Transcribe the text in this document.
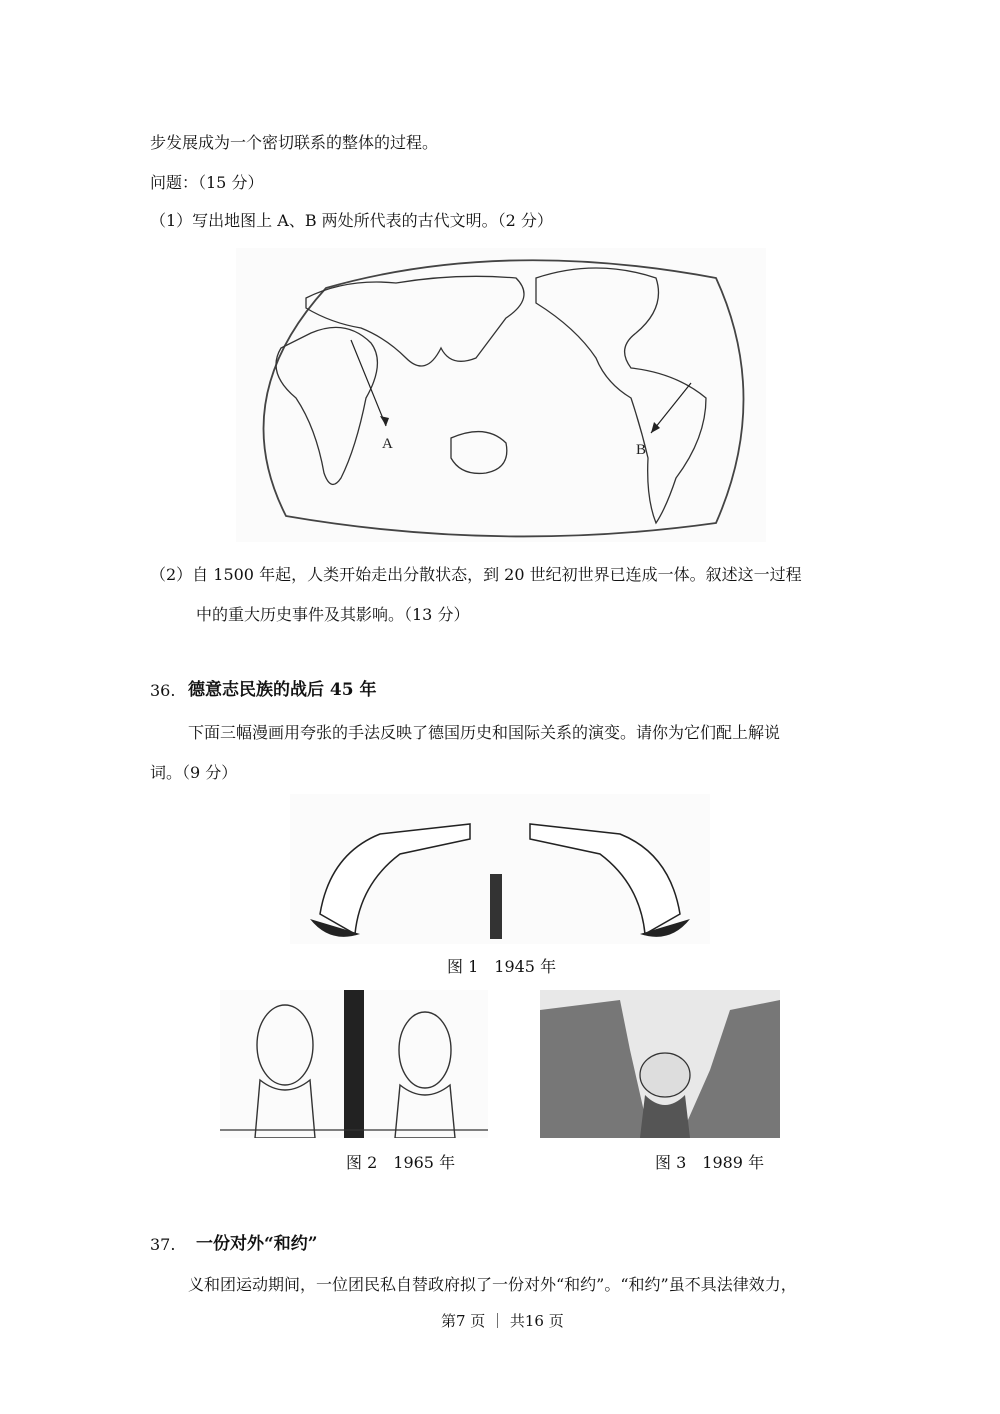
步发展成为一个密切联系的整体的过程。
问题：（15 分）
（1）写出地图上 A、B 两处所代表的古代文明。（2 分）
A	B
（2）自 1500 年起，人类开始走出分散状态，到 20 世纪初世界已连成一体。叙述这一过程
中的重大历史事件及其影响。（13 分）
36. 德意志民族的战后 45 年
下面三幅漫画用夸张的手法反映了德国历史和国际关系的演变。请你为它们配上解说
词。（9 分）
图 1　1945 年
图 2　1965 年	图 3　1989 年
37. 一份对外“和约”
义和团运动期间，一位团民私自替政府拟了一份对外“和约”。“和约”虽不具法律效力，
第7 页 ｜ 共16 页
